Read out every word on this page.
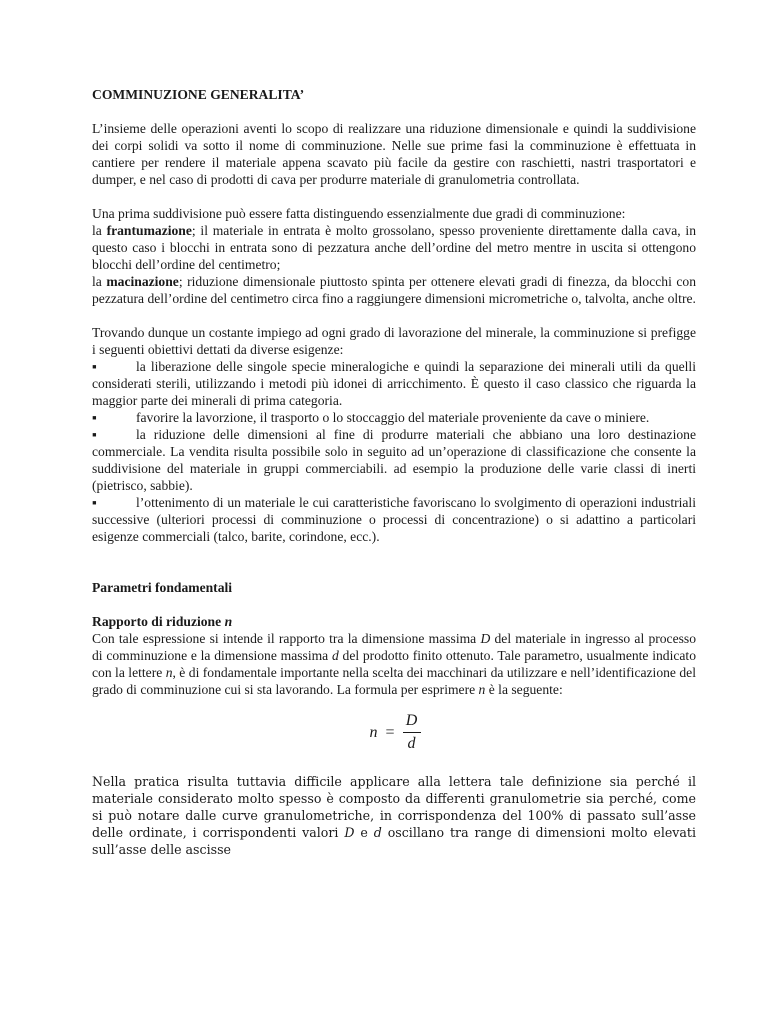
COMMINUZIONE GENERALITA’
L’insieme delle operazioni aventi lo scopo di realizzare una riduzione dimensionale e quindi la suddivisione dei corpi solidi va sotto il nome di comminuzione. Nelle sue prime fasi la comminuzione è effettuata in cantiere per rendere il materiale appena scavato più facile da gestire con raschietti, nastri trasportatori e dumper, e nel caso di prodotti di cava per produrre materiale di granulometria controllata.
Una prima suddivisione può essere fatta distinguendo essenzialmente due gradi di comminuzione:
la frantumazione; il materiale in entrata è molto grossolano, spesso proveniente direttamente dalla cava, in questo caso i blocchi in entrata sono di pezzatura anche dell’ordine del metro mentre in uscita si ottengono blocchi dell’ordine del centimetro;
la macinazione; riduzione dimensionale piuttosto spinta per ottenere elevati gradi di finezza, da blocchi con pezzatura dell’ordine del centimetro circa fino a raggiungere dimensioni micrometriche o, talvolta, anche oltre.
Trovando dunque un costante impiego ad ogni grado di lavorazione del minerale, la comminuzione si prefigge i seguenti obiettivi dettati da diverse esigenze:
▪	la liberazione delle singole specie mineralogiche e quindi la separazione dei minerali utili da quelli considerati sterili, utilizzando i metodi più idonei di arricchimento. È questo il caso classico che riguarda la maggior parte dei minerali di prima categoria.
▪	favorire la lavorzione, il trasporto o lo stoccaggio del materiale proveniente da cave o miniere.
▪	la riduzione delle dimensioni al fine di produrre materiali che abbiano una loro destinazione commerciale. La vendita risulta possibile solo in seguito ad un’operazione di classificazione che consente la suddivisione del materiale in gruppi commerciabili. ad esempio la produzione delle varie classi di inerti (pietrisco, sabbie).
▪	l’ottenimento di un materiale le cui caratteristiche favoriscano lo svolgimento di operazioni industriali successive (ulteriori processi di comminuzione o processi di concentrazione) o si adattino a particolari esigenze commerciali (talco, barite, corindone, ecc.).
Parametri fondamentali
Rapporto di riduzione n
Con tale espressione si intende il rapporto tra la dimensione massima D del materiale in ingresso al processo di comminuzione e la dimensione massima d del prodotto finito ottenuto. Tale parametro, usualmente indicato con la lettere n, è di fondamentale importante nella scelta dei macchinari da utilizzare e nell’identificazione del grado di comminuzione cui si sta lavorando. La formula per esprimere n è la seguente:
$n = \frac{D}{d}$
Nella pratica risulta tuttavia difficile applicare alla lettera tale definizione sia perché il materiale considerato molto spesso è composto da differenti granulometrie sia perché, come si può notare dalle curve granulometriche, in corrispondenza del 100% di passato sull’asse delle ordinate, i corrispondenti valori D e d oscillano tra range di dimensioni molto elevati sull’asse delle ascisse
